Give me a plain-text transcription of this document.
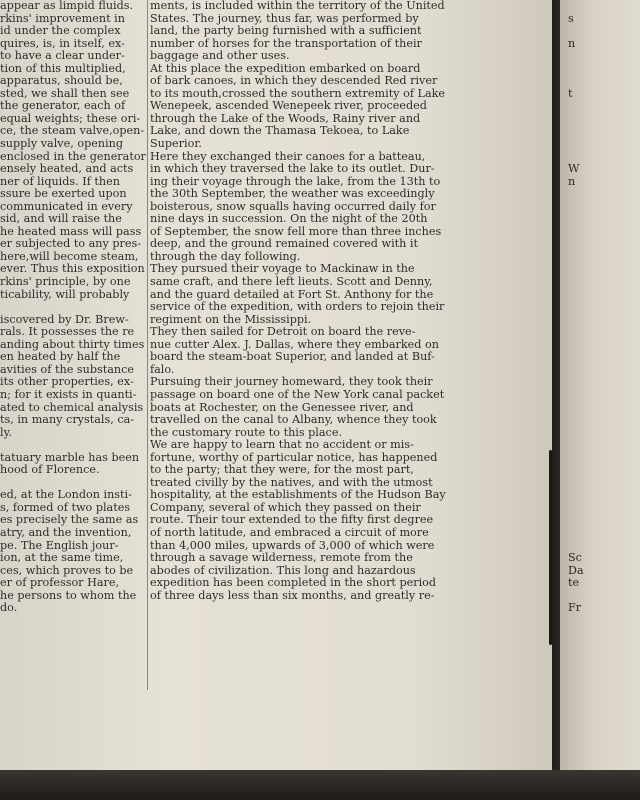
appear as limpid fluids.
rkins' improvement in
id under the complex
quires, is, in itself, ex-
to have a clear under-
tion of this multiplied,
apparatus, should be,
sted, we shall then see
the generator, each of
equal weights; these ori-
ce, the steam valve,open-
supply valve, opening
enclosed in the generator
ensely heated, and acts
ner of liquids. If then
ssure be exerted upon
communicated in every
sid, and will raise the
he heated mass will pass
er subjected to any pres-
here,will become steam,
ever. Thus this exposition
rkins' principle, by one
ticability, will probably

iscovered by Dr. Brew-
rals. It possesses the re
anding about thirty times
en heated by half the
avities of the substance
its other properties, ex-
n; for it exists in quanti-
ated to chemical analysis
ts, in many crystals, ca-
ly.

tatuary marble has been
hood of Florence.

ed, at the London insti-
s, formed of two plates
es precisely the same as
atry, and the invention,
pe. The English jour-
ion, at the same time,
ces, which proves to be
er of professor Hare,
he persons to whom the
do.
ments, is included within the territory of the United
States. The journey, thus far, was performed by
land, the party being furnished with a sufficient
number of horses for the transportation of their
baggage and other uses.
At this place the expedition embarked on board
of bark canoes, in which they descended Red river
to its mouth,crossed the southern extremity of Lake
Wenepeek, ascended Wenepeek river, proceeded
through the Lake of the Woods, Rainy river and
Lake, and down the Thamasa Tekoea, to Lake
Superior.
Here they exchanged their canoes for a batteau,
in which they traversed the lake to its outlet. Dur-
ing their voyage through the lake, from the 13th to
the 30th September, the weather was exceedingly
boisterous, snow squalls having occurred daily for
nine days in succession. On the night of the 20th
of September, the snow fell more than three inches
deep, and the ground remained covered with it
through the day following.
They pursued their voyage to Mackinaw in the
same craft, and there left lieuts. Scott and Denny,
and the guard detailed at Fort St. Anthony for the
service of the expedition, with orders to rejoin their
regiment on the Mississippi.
They then sailed for Detroit on board the reve-
nue cutter Alex. J. Dallas, where they embarked on
board the steam-boat Superior, and landed at Buf-
falo.
Pursuing their journey homeward, they took their
passage on board one of the New York canal packet
boats at Rochester, on the Genessee river, and
travelled on the canal to Albany, whence they took
the customary route to this place.
We are happy to learn that no accident or mis-
fortune, worthy of particular notice, has happened
to the party; that they were, for the most part,
treated civilly by the natives, and with the utmost
hospitality, at the establishments of the Hudson Bay
Company, several of which they passed on their
route. Their tour extended to the fifty first degree
of north latitude, and embraced a circuit of more
than 4,000 miles, upwards of 3,000 of which were
through a savage wilderness, remote from the
abodes of civilization. This long and hazardous
expedition has been completed in the short period
of three days less than six months, and greatly re-

s

n

t

W
n

Sc
Da
te

Fr
